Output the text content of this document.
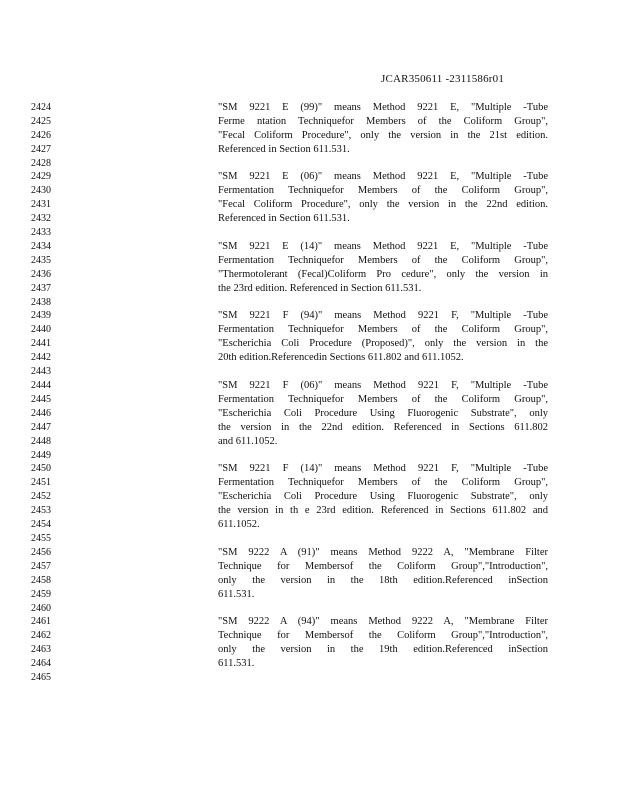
JCAR350611 -2311586r01
2424
2425
2426
2427
2428
2429
2430
2431
2432
2433
2434
2435
2436
2437
2438
2439
2440
2441
2442
2443
2444
2445
2446
2447
2448
2449
2450
2451
2452
2453
2454
2455
2456
2457
2458
2459
2460
2461
2462
2463
2464
2465
"SM 9221 E (99)" means Method 9221 E, "Multiple -Tube
Ferme ntation Techniquefor Members of the Coliform Group",
"Fecal Coliform Procedure", only the version in the 21st edition.
Referenced in Section 611.531.
"SM 9221 E (06)" means Method 9221 E, "Multiple -Tube
Fermentation Techniquefor Members of the Coliform Group",
"Fecal Coliform Procedure", only the version in the 22nd edition.
Referenced in Section 611.531.
"SM 9221 E (14)" means Method 9221 E, "Multiple -Tube
Fermentation Techniquefor Members of the Coliform Group",
"Thermotolerant (Fecal)Coliform Pro cedure", only the version in
the 23rd edition. Referenced in Section 611.531.
"SM 9221 F (94)" means Method 9221 F, "Multiple -Tube
Fermentation Techniquefor Members of the Coliform Group",
"Escherichia Coli Procedure (Proposed)", only the version in the
20th edition.Referencedin Sections 611.802 and 611.1052.
"SM 9221 F (06)" means Method 9221 F, "Multiple -Tube
Fermentation Techniquefor Members of the Coliform Group",
"Escherichia Coli Procedure Using Fluorogenic Substrate", only
the version in the 22nd edition. Referenced in Sections 611.802
and 611.1052.
"SM 9221 F (14)" means Method 9221 F, "Multiple -Tube
Fermentation Techniquefor Members of the Coliform Group",
"Escherichia Coli Procedure Using Fluorogenic Substrate", only
the version in th e 23rd edition. Referenced in Sections 611.802 and
611.1052.
"SM 9222 A (91)" means Method 9222 A, "Membrane Filter
Technique for Membersof the Coliform Group","Introduction",
only the version in the 18th edition.Referenced inSection
611.531.
"SM 9222 A (94)" means Method 9222 A, "Membrane Filter
Technique for Membersof the Coliform Group","Introduction",
only the version in the 19th edition.Referenced inSection
611.531.
